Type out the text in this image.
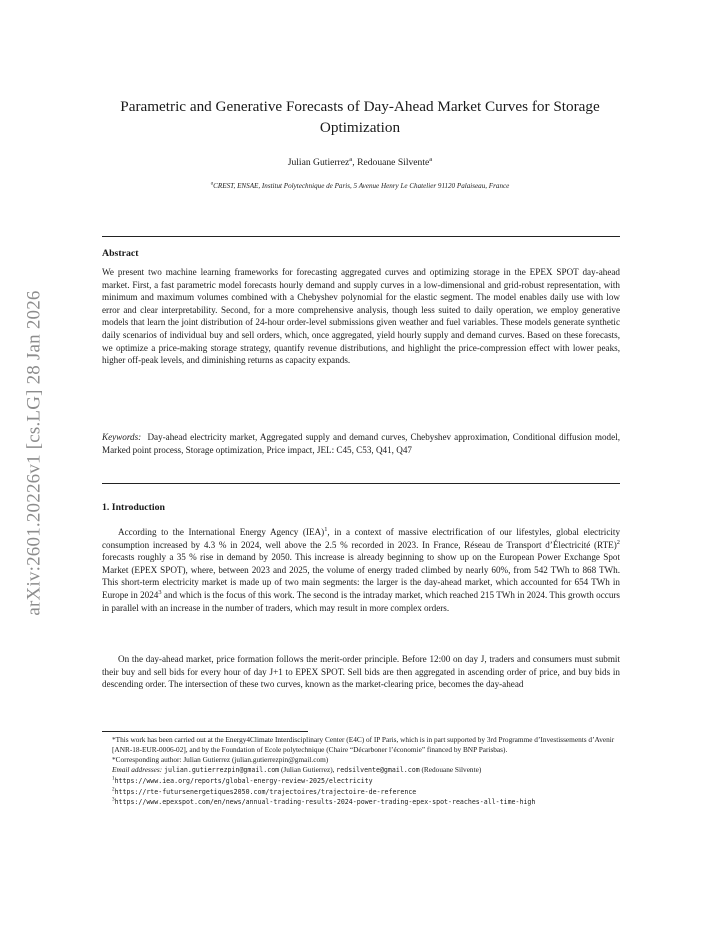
arXiv:2601.20226v1 [cs.LG] 28 Jan 2026
Parametric and Generative Forecasts of Day-Ahead Market Curves for Storage Optimization
Julian Gutierrez$^a$, Redouane Silvente$^a$
$^a$CREST, ENSAE, Institut Polytechnique de Paris, 5 Avenue Henry Le Chatelier 91120 Palaiseau, France
Abstract
We present two machine learning frameworks for forecasting aggregated curves and optimizing storage in the EPEX SPOT day-ahead market. First, a fast parametric model forecasts hourly demand and supply curves in a low-dimensional and grid-robust representation, with minimum and maximum volumes combined with a Chebyshev polynomial for the elastic segment. The model enables daily use with low error and clear interpretability. Second, for a more comprehensive analysis, though less suited to daily operation, we employ generative models that learn the joint distribution of 24-hour order-level submissions given weather and fuel variables. These models generate synthetic daily scenarios of individual buy and sell orders, which, once aggregated, yield hourly supply and demand curves. Based on these forecasts, we optimize a price-making storage strategy, quantify revenue distributions, and highlight the price-compression effect with lower peaks, higher off-peak levels, and diminishing returns as capacity expands.
Keywords: Day-ahead electricity market, Aggregated supply and demand curves, Chebyshev approximation, Conditional diffusion model, Marked point process, Storage optimization, Price impact, JEL: C45, C53, Q41, Q47
1. Introduction
According to the International Energy Agency (IEA)$^1$, in a context of massive electrification of our lifestyles, global electricity consumption increased by 4.3 % in 2024, well above the 2.5 % recorded in 2023. In France, Réseau de Transport d’Électricité (RTE)$^2$ forecasts roughly a 35 % rise in demand by 2050. This increase is already beginning to show up on the European Power Exchange Spot Market (EPEX SPOT), where, between 2023 and 2025, the volume of energy traded climbed by nearly 60%, from 542 TWh to 868 TWh. This short-term electricity market is made up of two main segments: the larger is the day-ahead market, which accounted for 654 TWh in Europe in 2024$^3$ and which is the focus of this work. The second is the intraday market, which reached 215 TWh in 2024. This growth occurs in parallel with an increase in the number of traders, which may result in more complex orders.
On the day-ahead market, price formation follows the merit-order principle. Before 12:00 on day J, traders and consumers must submit their buy and sell bids for every hour of day J+1 to EPEX SPOT. Sell bids are then aggregated in ascending order of price, and buy bids in descending order. The intersection of these two curves, known as the market-clearing price, becomes the day-ahead

*This work has been carried out at the Energy4Climate Interdisciplinary Center (E4C) of IP Paris, which is in part supported by 3rd Programme d’Investissements d’Avenir [ANR-18-EUR-0006-02], and by the Foundation of Ecole polytechnique (Chaire “Décarboner l’économie” financed by BNP Parisbas).

*Corresponding author: Julian Gutierrez (julian.gutierrezpin@gmail.com)

Email addresses: julian.gutierrezpin@gmail.com (Julian Gutierrez), redsilvente@gmail.com (Redouane Silvente)

$^1$https://www.iea.org/reports/global-energy-review-2025/electricity

$^2$https://rte-futursenergetiques2050.com/trajectoires/trajectoire-de-reference

$^3$https://www.epexspot.com/en/news/annual-trading-results-2024-power-trading-epex-spot-reaches-all-time-high
